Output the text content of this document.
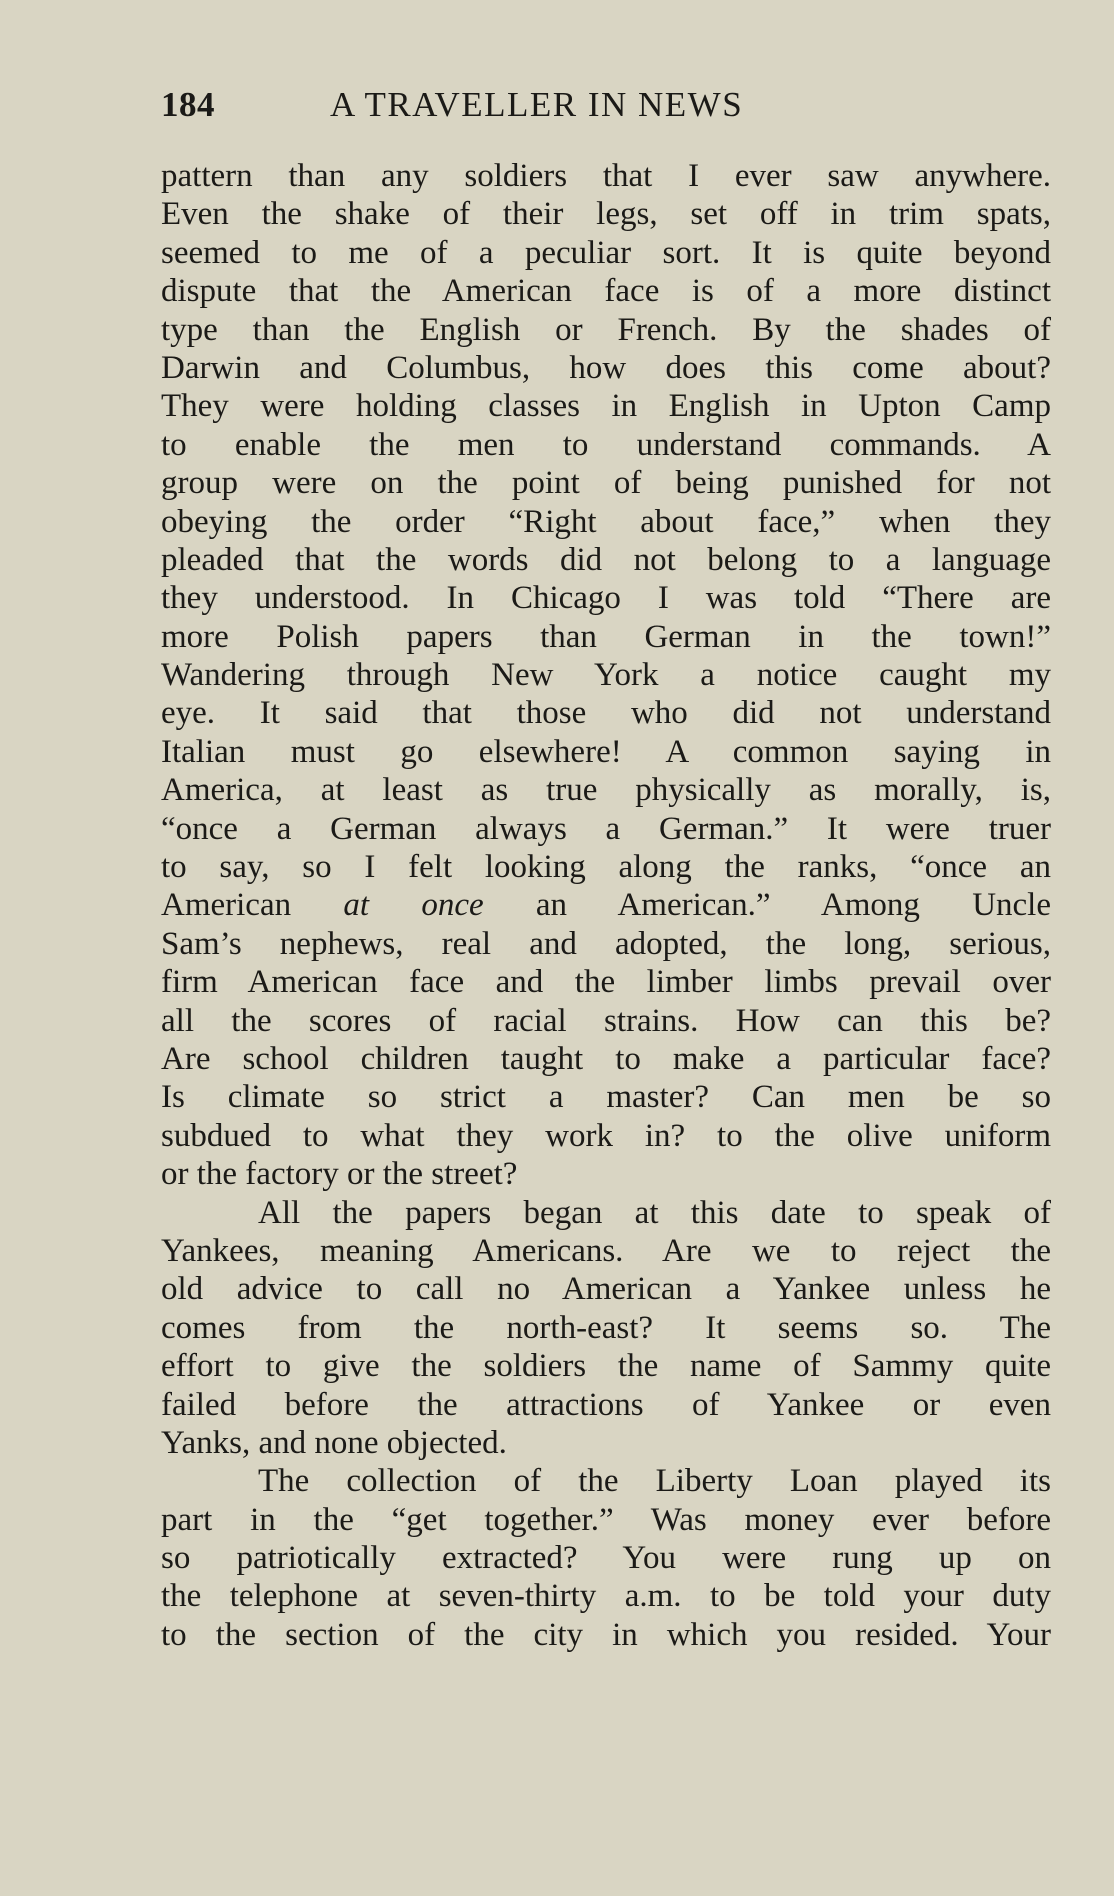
184	A TRAVELLER IN NEWS
pattern than any soldiers that I ever saw anywhere.
Even the shake of their legs, set off in trim spats,
seemed to me of a peculiar sort. It is quite beyond
dispute that the American face is of a more distinct
type than the English or French. By the shades of
Darwin and Columbus, how does this come about?
They were holding classes in English in Upton Camp
to enable the men to understand commands. A
group were on the point of being punished for not
obeying the order “Right about face,” when they
pleaded that the words did not belong to a language
they understood. In Chicago I was told “There are
more Polish papers than German in the town!”
Wandering through New York a notice caught my
eye. It said that those who did not understand
Italian must go elsewhere! A common saying in
America, at least as true physically as morally, is,
“once a German always a German.” It were truer
to say, so I felt looking along the ranks, “once an
American at once an American.” Among Uncle
Sam’s nephews, real and adopted, the long, serious,
firm American face and the limber limbs prevail over
all the scores of racial strains. How can this be?
Are school children taught to make a particular face?
Is climate so strict a master? Can men be so
subdued to what they work in? to the olive uniform
or the factory or the street?
All the papers began at this date to speak of
Yankees, meaning Americans. Are we to reject the
old advice to call no American a Yankee unless he
comes from the north-east? It seems so. The
effort to give the soldiers the name of Sammy quite
failed before the attractions of Yankee or even
Yanks, and none objected.
The collection of the Liberty Loan played its
part in the “get together.” Was money ever before
so patriotically extracted? You were rung up on
the telephone at seven-thirty a.m. to be told your duty
to the section of the city in which you resided. Your
